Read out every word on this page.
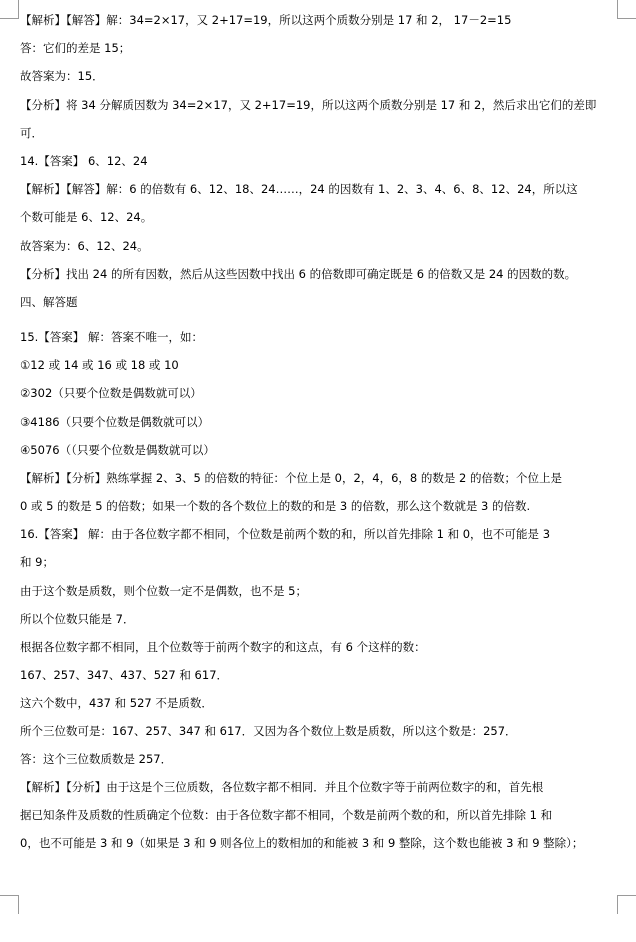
【解析】【解答】解：34=2×17，又 2+17=19，所以这两个质数分别是 17 和 2， 17－2=15
答：它们的差是 15；
故答案为：15．
【分析】将 34 分解质因数为 34=2×17，又 2+17=19，所以这两个质数分别是 17 和 2，然后求出它们的差即
可．
14.【答案】 6、12、24
【解析】【解答】解：6 的倍数有 6、12、18、24……，24 的因数有 1、2、3、4、6、8、12、24，所以这
个数可能是 6、12、24。
故答案为：6、12、24。
【分析】找出 24 的所有因数，然后从这些因数中找出 6 的倍数即可确定既是 6 的倍数又是 24 的因数的数。
四、解答题
15.【答案】 解：答案不唯一，如：
①12 或 14 或 16 或 18 或 10
②302（只要个位数是偶数就可以）
③4186（只要个位数是偶数就可以）
④5076（（只要个位数是偶数就可以）
【解析】【分析】熟练掌握 2、3、5 的倍数的特征：个位上是 0，2，4，6，8 的数是 2 的倍数；个位上是
0 或 5 的数是 5 的倍数；如果一个数的各个数位上的数的和是 3 的倍数，那么这个数就是 3 的倍数.
16.【答案】 解：由于各位数字都不相同，个位数是前两个数的和，所以首先排除 1 和 0，也不可能是 3
和 9；
由于这个数是质数，则个位数一定不是偶数，也不是 5；
所以个位数只能是 7．
根据各位数字都不相同，且个位数等于前两个数字的和这点，有 6 个这样的数：
167、257、347、437、527 和 617．
这六个数中，437 和 527 不是质数．
所个三位数可是：167、257、347 和 617．又因为各个数位上数是质数，所以这个数是：257．
答：这个三位数质数是 257．
【解析】【分析】由于这是个三位质数，各位数字都不相同．并且个位数字等于前两位数字的和，首先根
据已知条件及质数的性质确定个位数：由于各位数字都不相同，个数是前两个数的和，所以首先排除 1 和
0，也不可能是 3 和 9（如果是 3 和 9 则各位上的数相加的和能被 3 和 9 整除，这个数也能被 3 和 9 整除）；
